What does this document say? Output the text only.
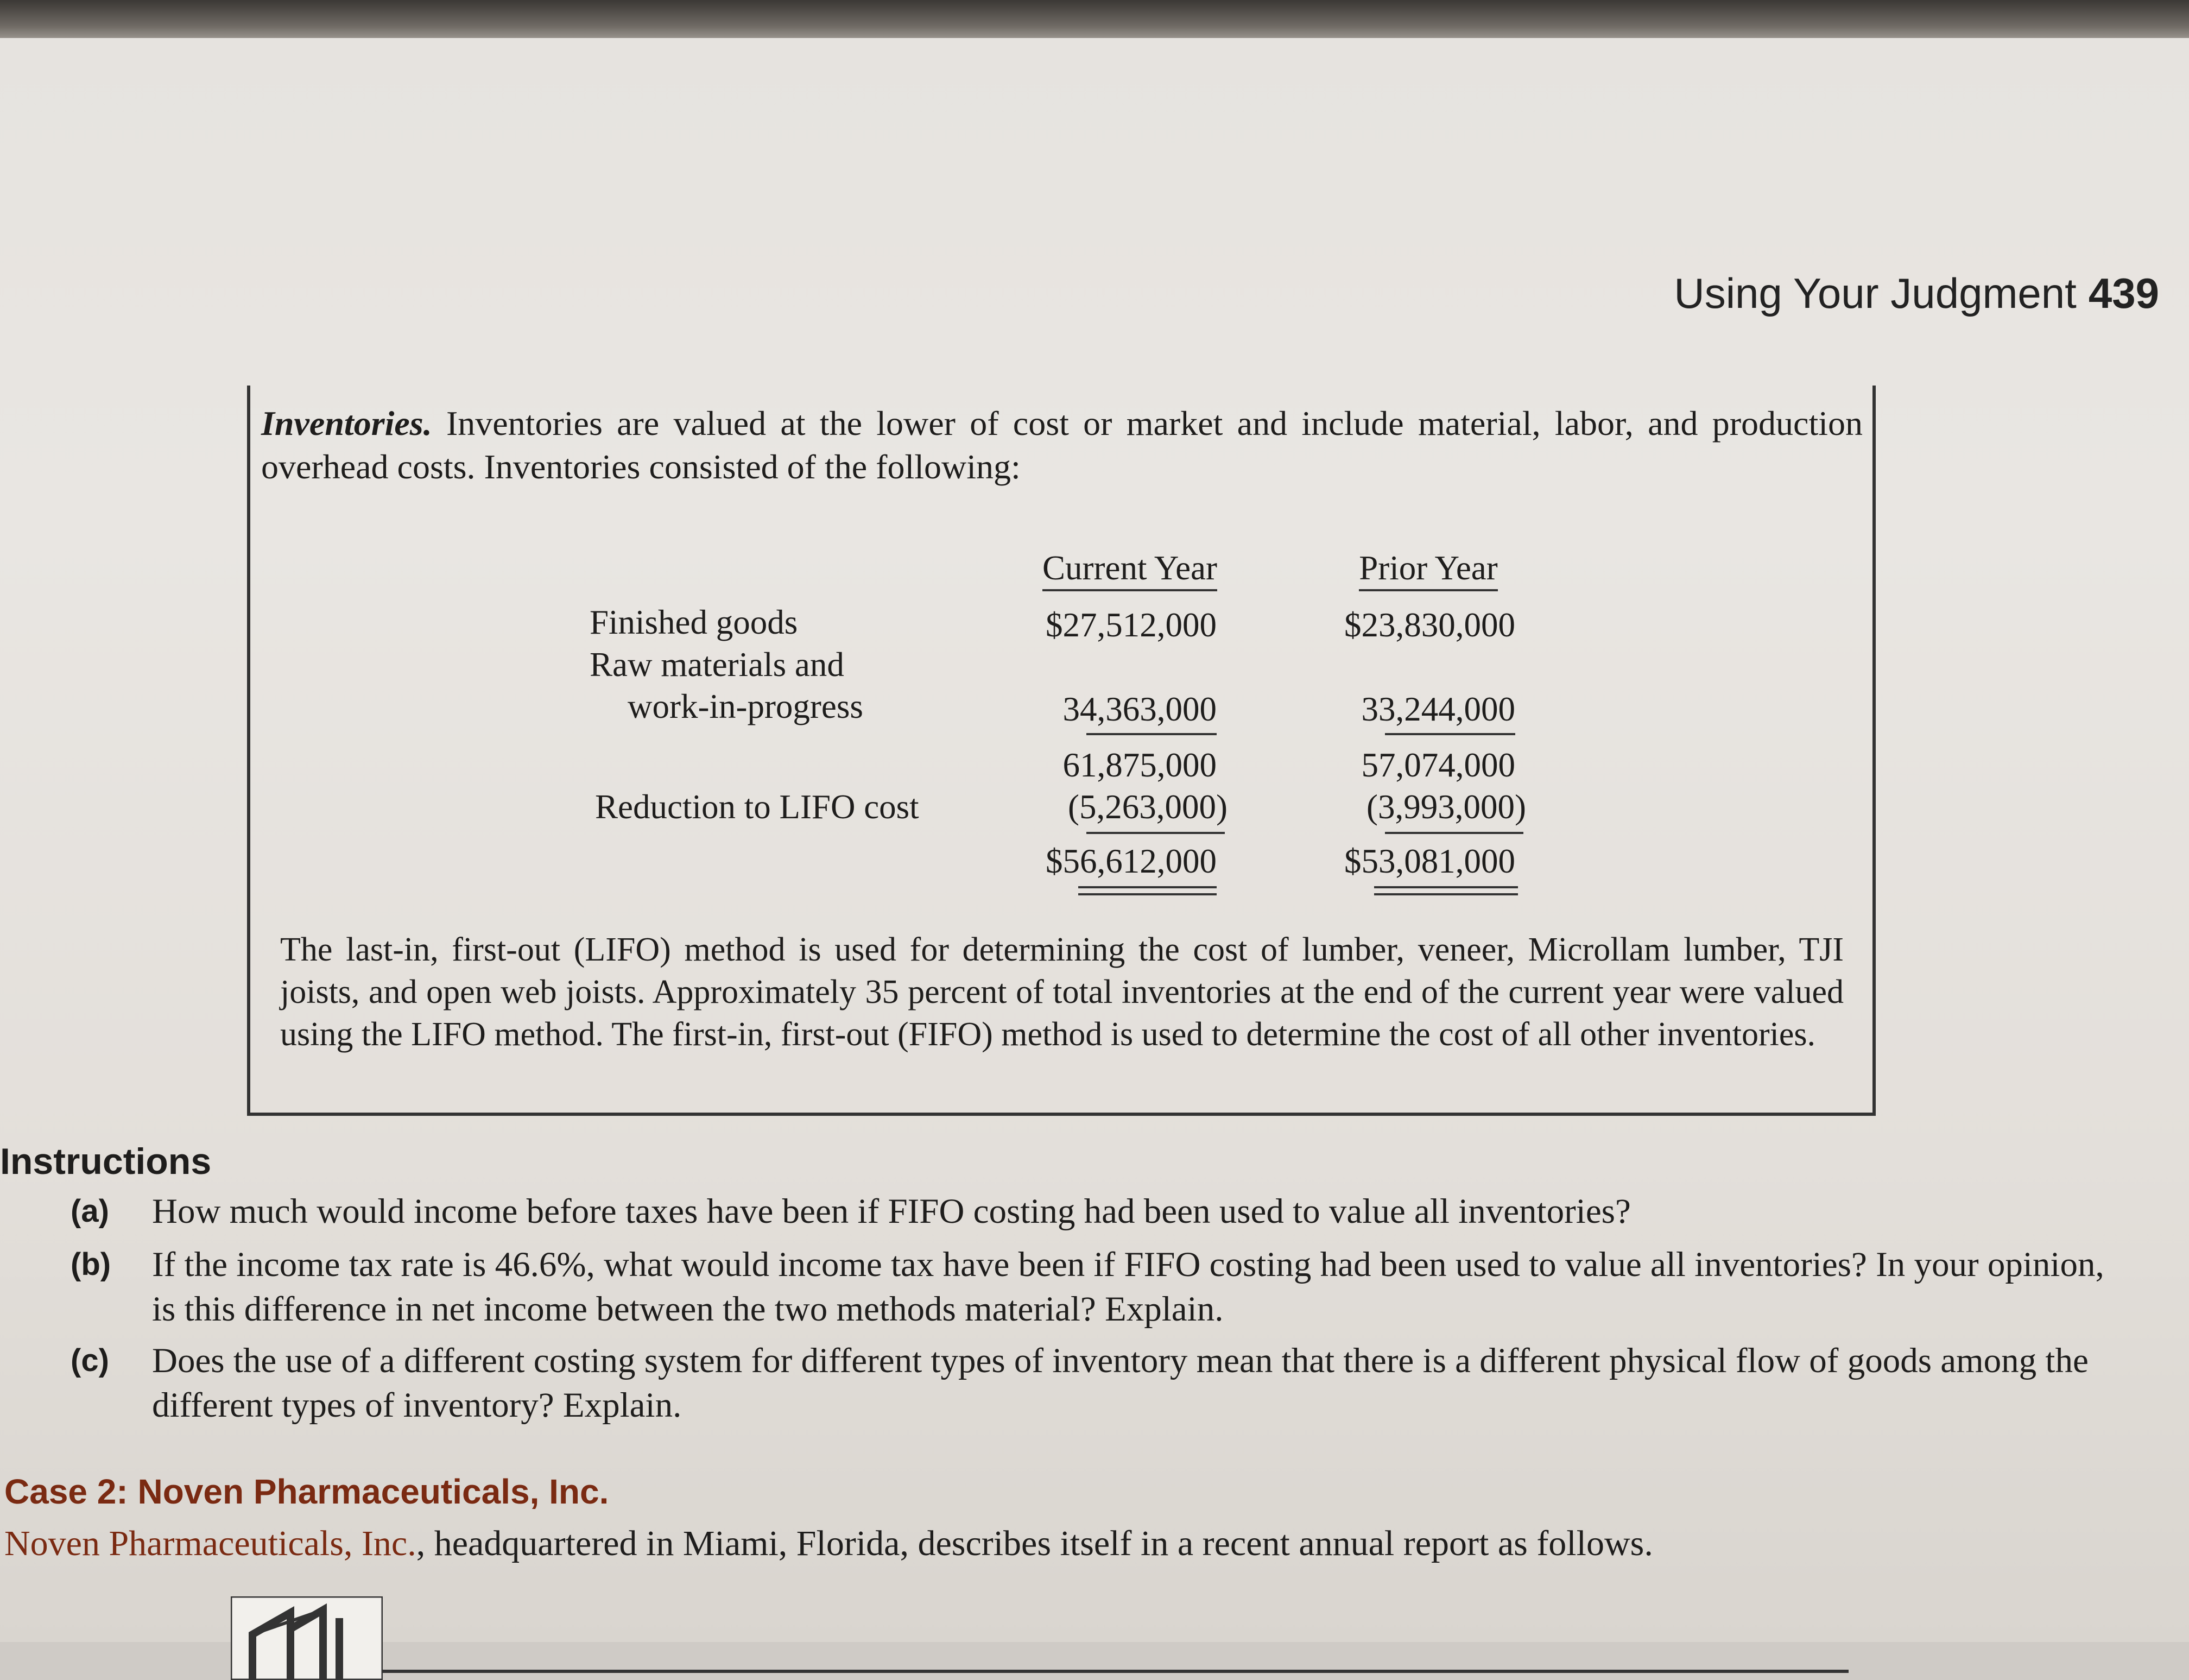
Using Your Judgment 439
Inventories. Inventories are valued at the lower of cost or market and include material, labor, and production overhead costs. Inventories consisted of the following:
Current Year	Prior Year
Finished goods	$27,512,000	$23,830,000
Raw materials and
work-in-progress	34,363,000	33,244,000
61,875,000	57,074,000
Reduction to LIFO cost	(5,263,000)	(3,993,000)
$56,612,000	$53,081,000
The last-in, first-out (LIFO) method is used for determining the cost of lumber, veneer, Microllam lumber, TJI joists, and open web joists. Approximately 35 percent of total inventories at the end of the current year were valued using the LIFO method. The first-in, first-out (FIFO) method is used to determine the cost of all other inventories.
Instructions
(a) How much would income before taxes have been if FIFO costing had been used to value all inventories?
(b) If the income tax rate is 46.6%, what would income tax have been if FIFO costing had been used to value all inventories? In your opinion, is this difference in net income between the two methods material? Explain.
(c) Does the use of a different costing system for different types of inventory mean that there is a different physical flow of goods among the different types of inventory? Explain.
Case 2: Noven Pharmaceuticals, Inc.
Noven Pharmaceuticals, Inc., headquartered in Miami, Florida, describes itself in a recent annual report as follows.
